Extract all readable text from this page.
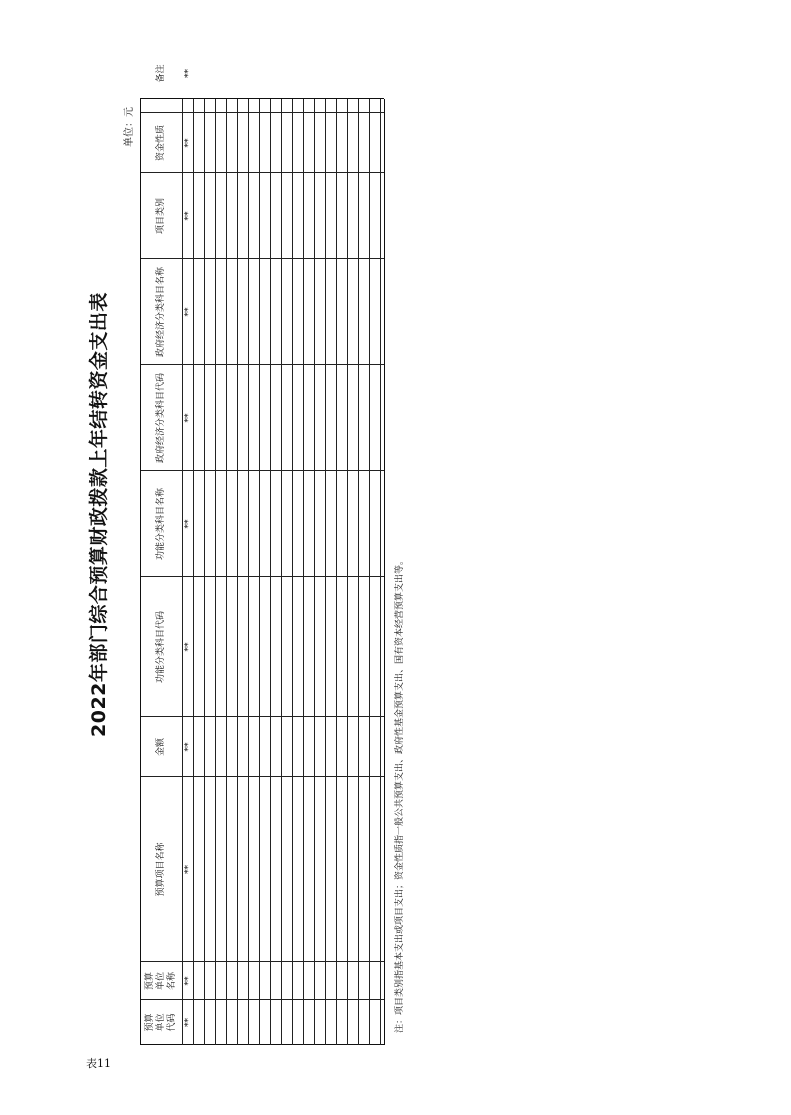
表11
2022年部门综合预算财政拨款上年结转资金支出表
单位：元
预算单位代码
预算单位名称
预算项目名称
金额
功能分类科目代码
功能分类科目名称
政府经济分类科目代码
政府经济分类科目名称
项目类别
资金性质
备注
**
**
**
**
**
**
**
**
**
**
**
注：项目类别指基本支出或项目支出；资金性质指一般公共预算支出、政府性基金预算支出、国有资本经营预算支出等。
